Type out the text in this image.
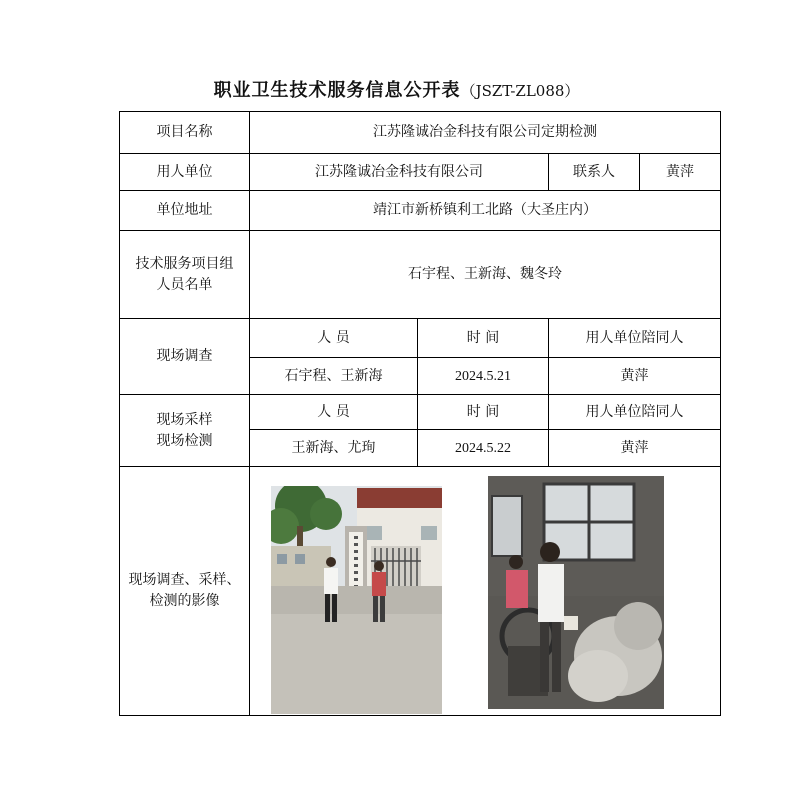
职业卫生技术服务信息公开表（JSZT-ZL088）
项目名称	江苏隆诚冶金科技有限公司定期检测			
用人单位	江苏隆诚冶金科技有限公司		联系人	黄萍
单位地址	靖江市新桥镇利工北路（大圣庄内）			

技术服务项目组
人员名单	石宇程、王新海、魏冬玲			
现场调查	人 员	时 间	用人单位陪同人	
	石宇程、王新海	2024.5.21	黄萍	

现场采样
现场检测	人 员	时 间	用人单位陪同人	
	王新海、尤珣	2024.5.22	黄萍	

现场调查、采样、
检测的影像
